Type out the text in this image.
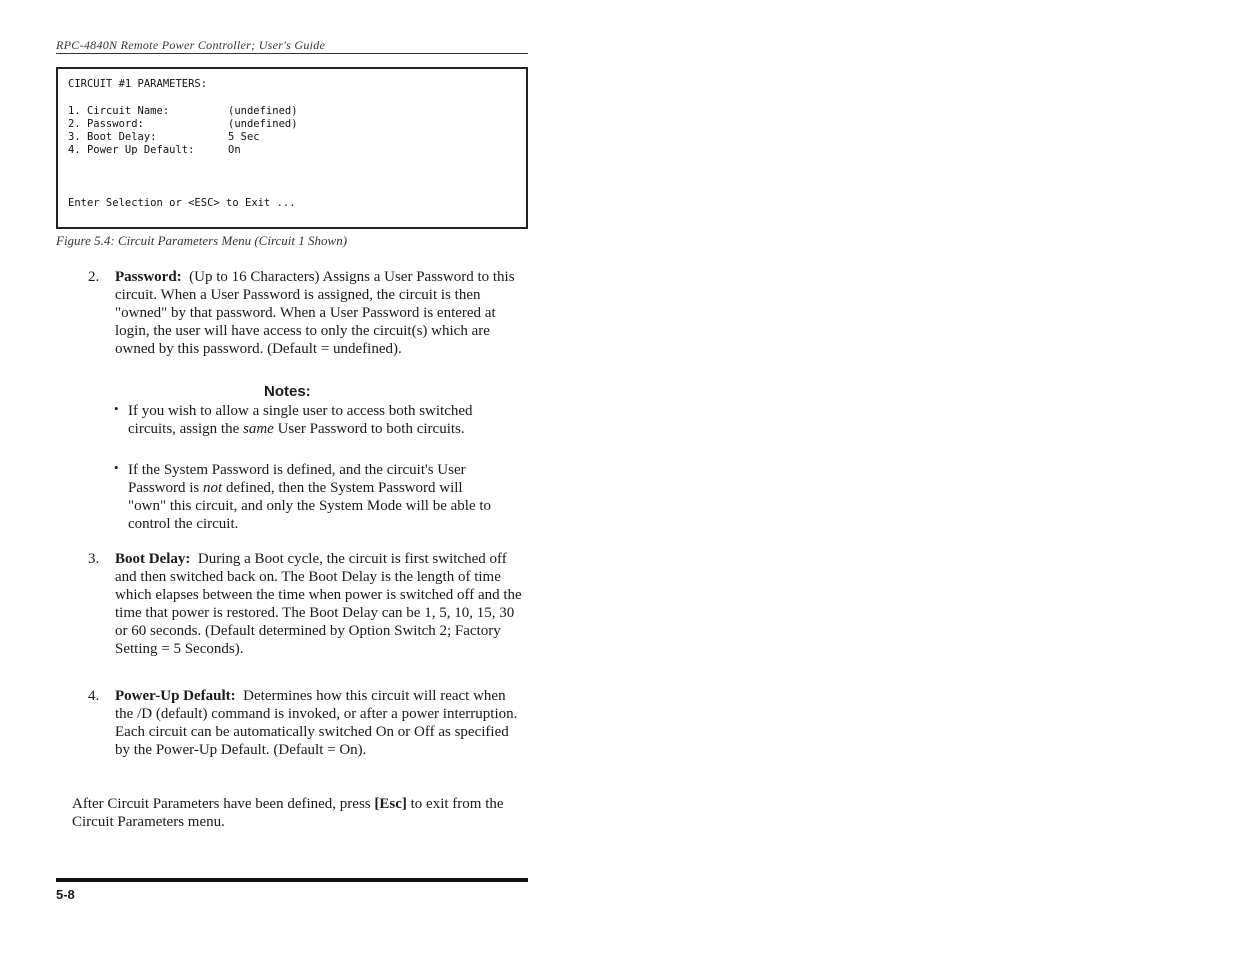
RPC-4840N Remote Power Controller; User's Guide
CIRCUIT #1 PARAMETERS:
1. Circuit Name:	(undefined)
2. Password:	(undefined)
3. Boot Delay:	5 Sec
4. Power Up Default:	On
Enter Selection or <ESC> to Exit ...
Figure 5.4: Circuit Parameters Menu (Circuit 1 Shown)
2. Password: (Up to 16 Characters) Assigns a User Password to this circuit. When a User Password is assigned, the circuit is then "owned" by that password. When a User Password is entered at login, the user will have access to only the circuit(s) which are owned by this password. (Default = undefined).
Notes:
• If you wish to allow a single user to access both switched circuits, assign the same User Password to both circuits.
• If the System Password is defined, and the circuit's User Password is not defined, then the System Password will "own" this circuit, and only the System Mode will be able to control the circuit.
3. Boot Delay: During a Boot cycle, the circuit is first switched off and then switched back on. The Boot Delay is the length of time which elapses between the time when power is switched off and the time that power is restored. The Boot Delay can be 1, 5, 10, 15, 30 or 60 seconds. (Default determined by Option Switch 2; Factory Setting = 5 Seconds).
4. Power-Up Default: Determines how this circuit will react when the /D (default) command is invoked, or after a power interruption. Each circuit can be automatically switched On or Off as specified by the Power-Up Default. (Default = On).
After Circuit Parameters have been defined, press [Esc] to exit from the Circuit Parameters menu.
5-8
